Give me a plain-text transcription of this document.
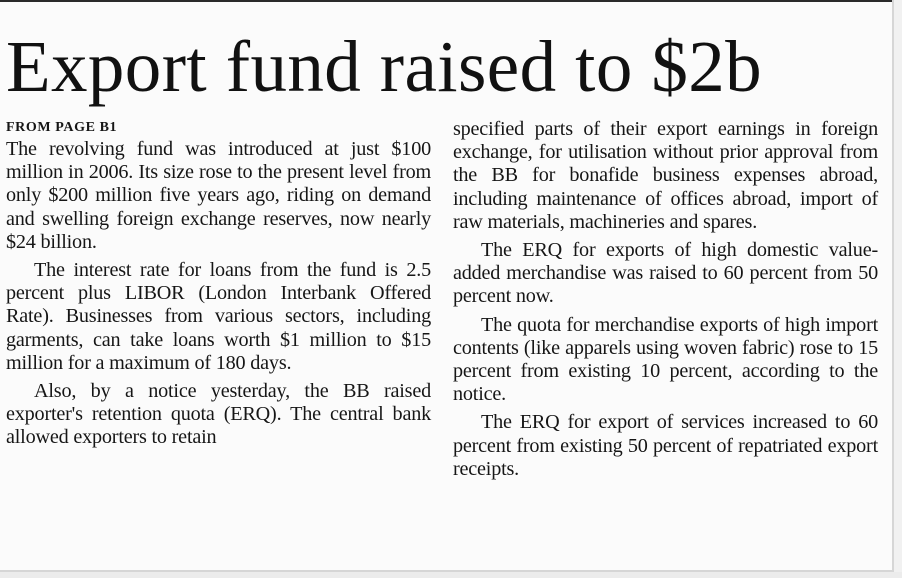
Export fund raised to $2b
FROM PAGE B1

The revolving fund was introduced at just $100 million in 2006. Its size rose to the present level from only $200 million five years ago, riding on demand and swelling foreign exchange reserves, now nearly $24 billion.

The interest rate for loans from the fund is 2.5 percent plus LIBOR (London Interbank Offered Rate). Businesses from various sectors, including garments, can take loans worth $1 million to $15 million for a maximum of 180 days.

Also, by a notice yesterday, the BB raised exporter's retention quota (ERQ). The central bank allowed exporters to retain

specified parts of their export earnings in foreign exchange, for utilisation without prior approval from the BB for bonafide business expenses abroad, including maintenance of offices abroad, import of raw materials, machineries and spares.

The ERQ for exports of high domestic value-added merchandise was raised to 60 percent from 50 percent now.

The quota for merchandise exports of high import contents (like apparels using woven fabric) rose to 15 percent from existing 10 percent, according to the notice.

The ERQ for export of services increased to 60 percent from existing 50 percent of repatriated export receipts.
